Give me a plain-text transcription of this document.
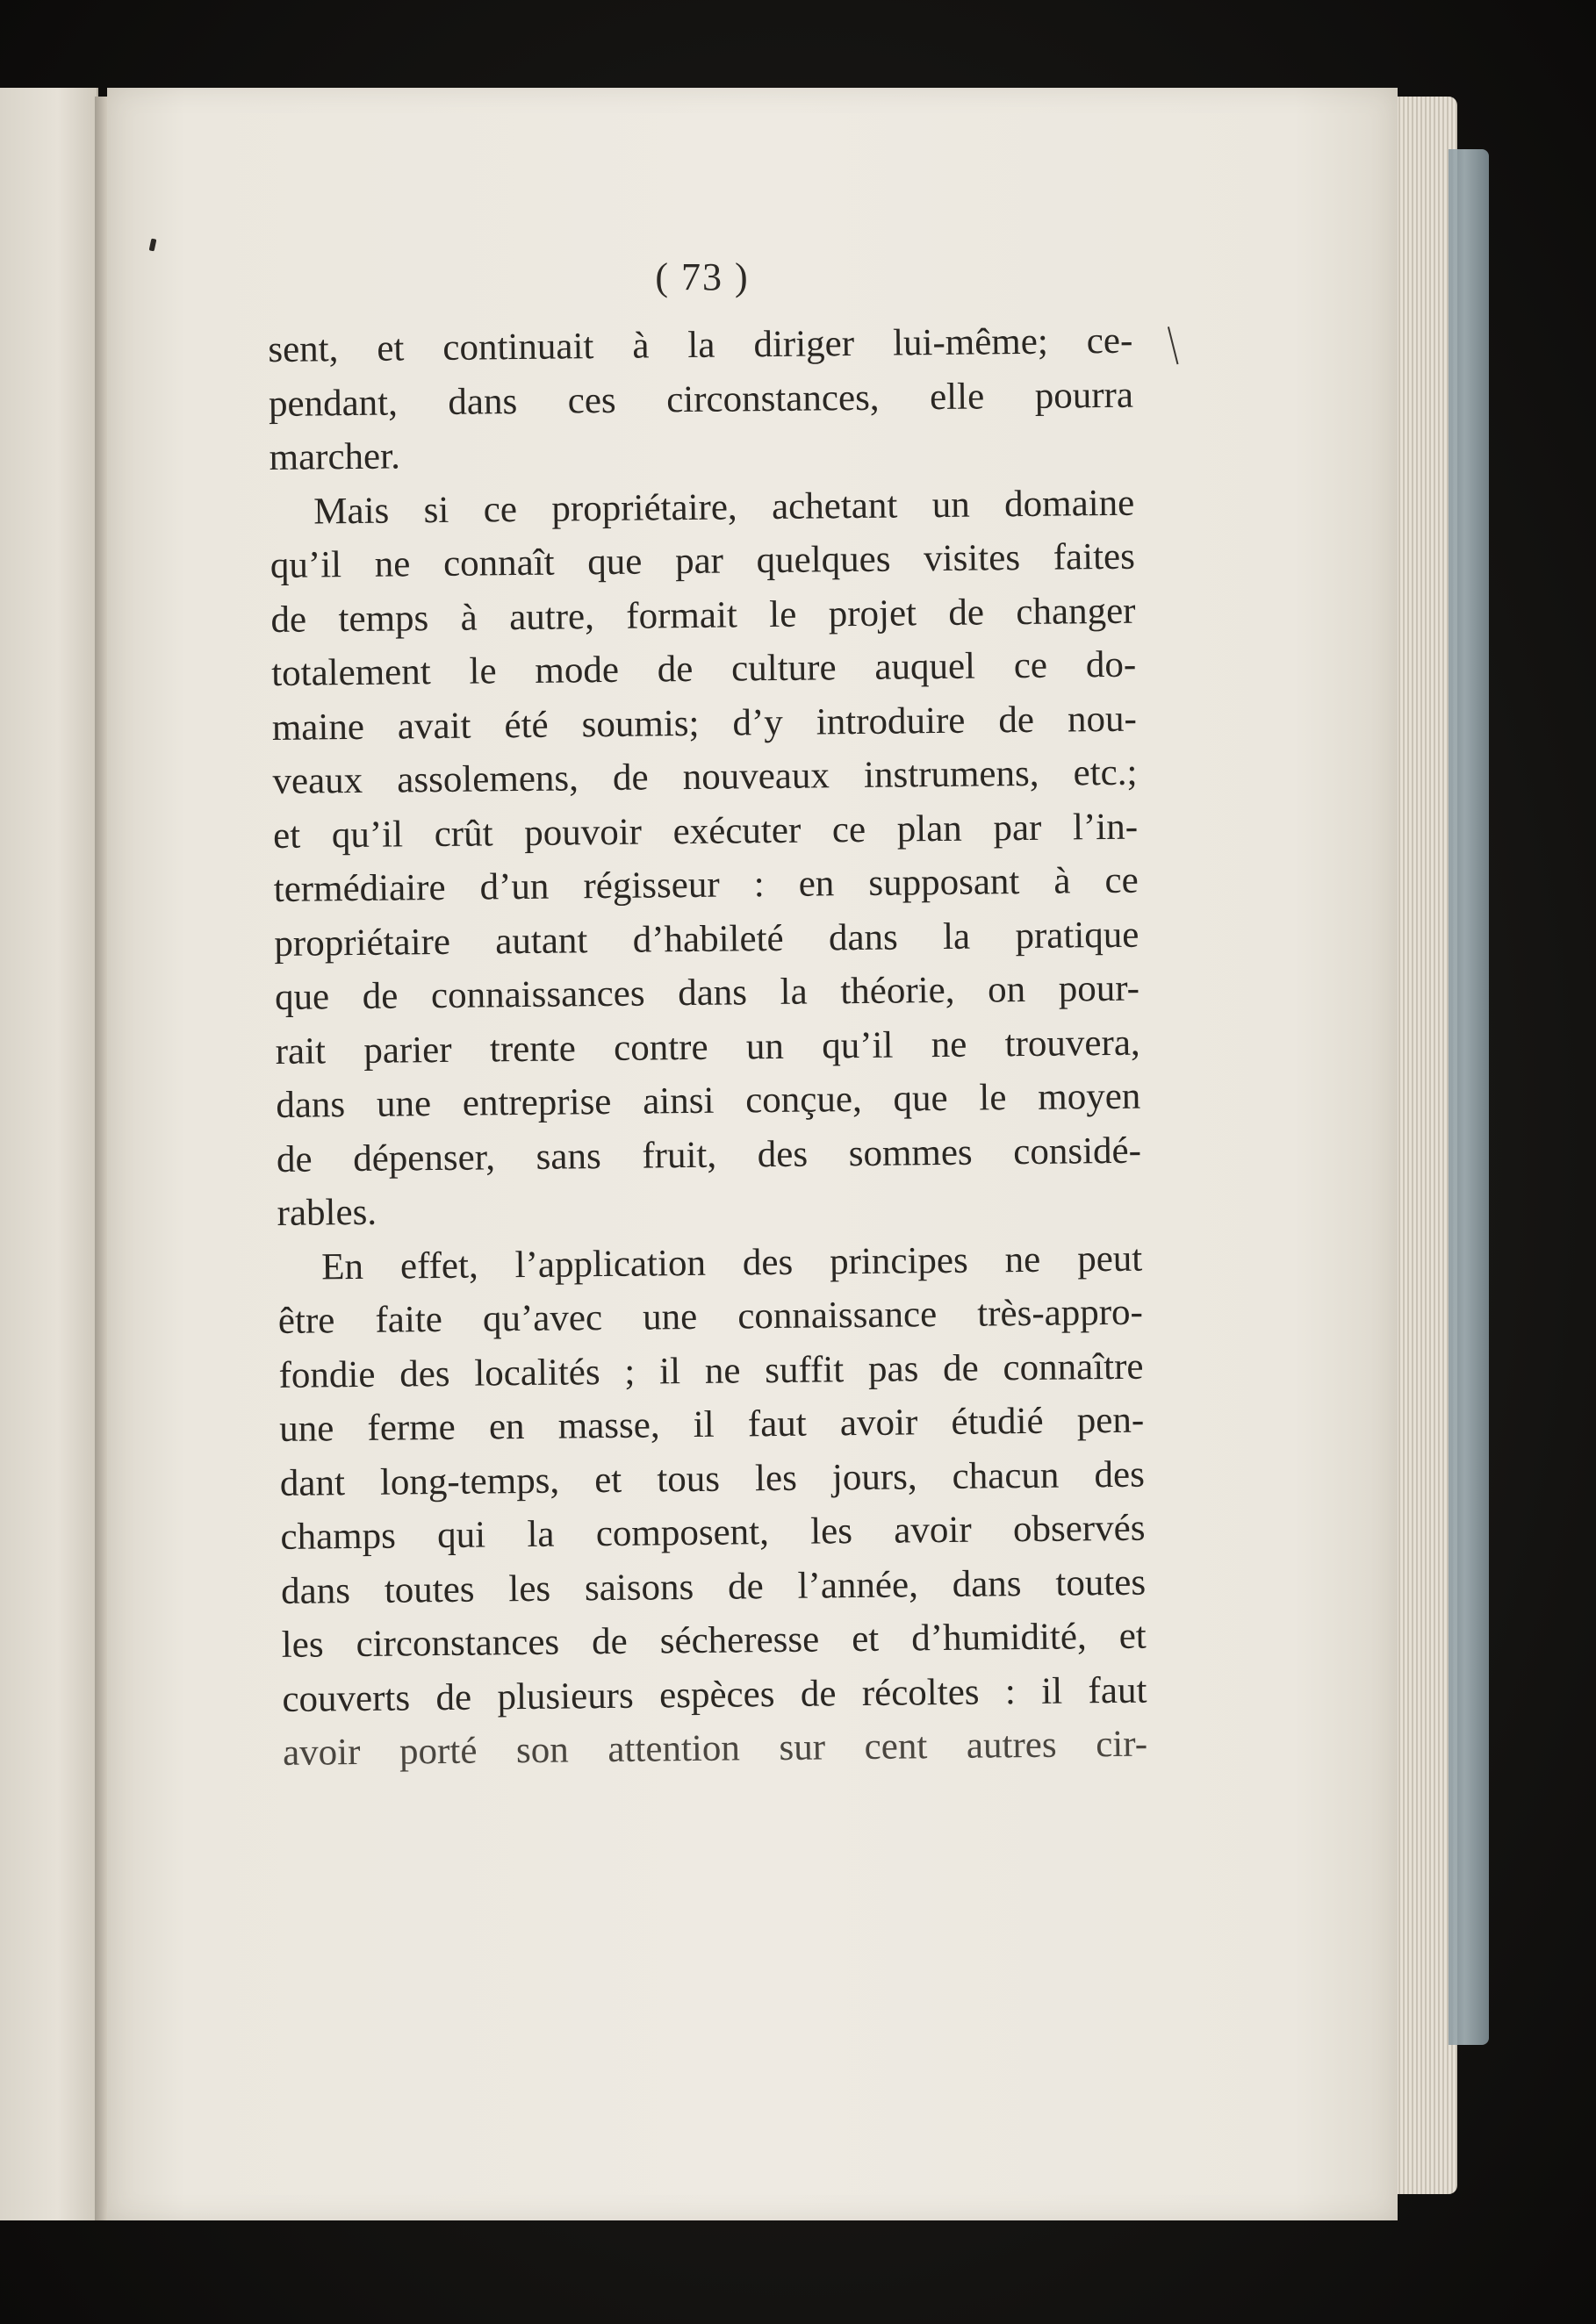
( 73 )
sent, et continuait à la diriger lui-même; ce-
pendant, dans ces circonstances, elle pourra
marcher.
Mais si ce propriétaire, achetant un domaine
qu’il ne connaît que par quelques visites faites
de temps à autre, formait le projet de changer
totalement le mode de culture auquel ce do-
maine avait été soumis; d’y introduire de nou-
veaux assolemens, de nouveaux instrumens, etc.;
et qu’il crût pouvoir exécuter ce plan par l’in-
termédiaire d’un régisseur : en supposant à ce
propriétaire autant d’habileté dans la pratique
que de connaissances dans la théorie, on pour-
rait parier trente contre un qu’il ne trouvera,
dans une entreprise ainsi conçue, que le moyen
de dépenser, sans fruit, des sommes considé-
rables.
En effet, l’application des principes ne peut
être faite qu’avec une connaissance très-appro-
fondie des localités ; il ne suffit pas de connaître
une ferme en masse, il faut avoir étudié pen-
dant long-temps, et tous les jours, chacun des
champs qui la composent, les avoir observés
dans toutes les saisons de l’année, dans toutes
les circonstances de sécheresse et d’humidité, et
couverts de plusieurs espèces de récoltes : il faut
avoir porté son attention sur cent autres cir-
